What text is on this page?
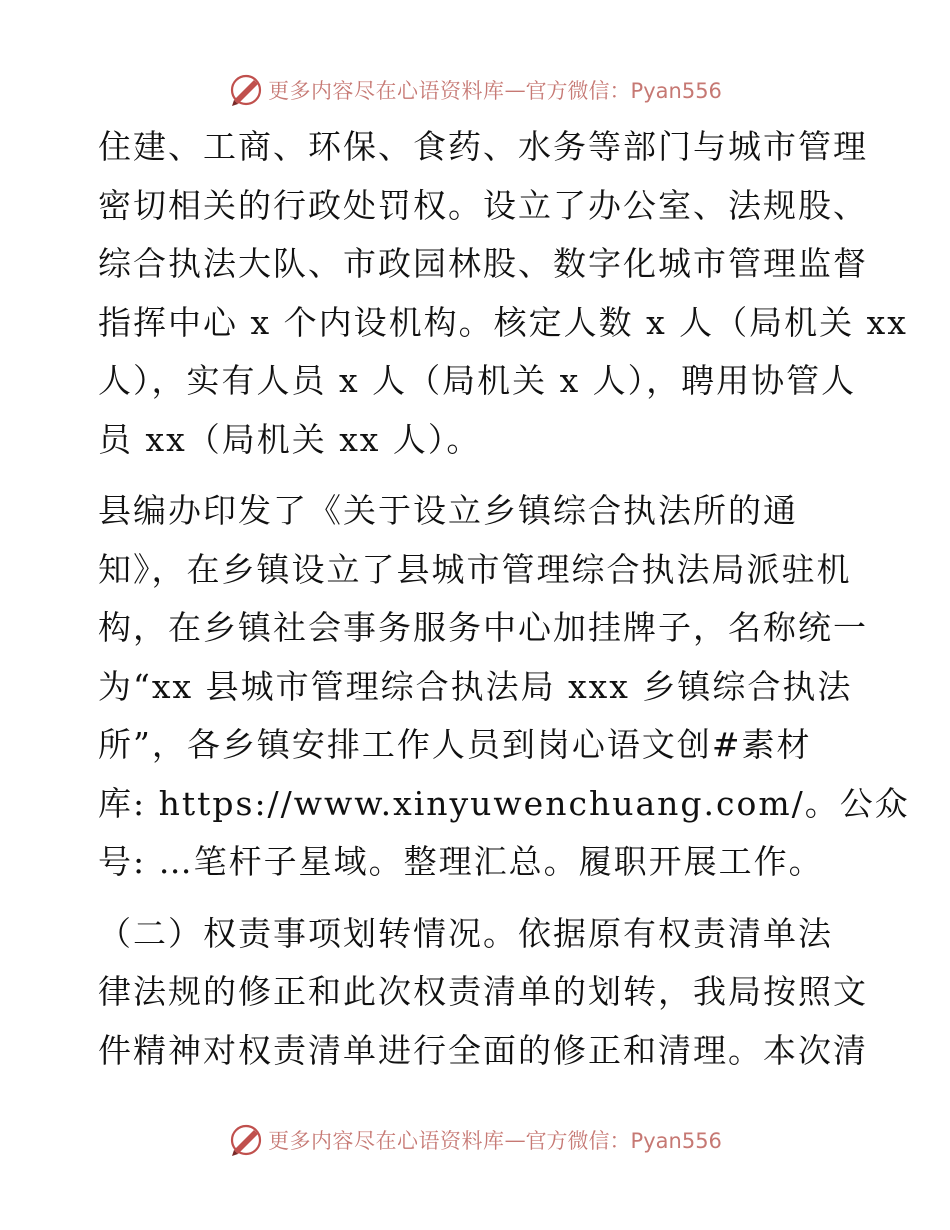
更多内容尽在心语资料库 — 官方微信：Pyan556
住建、工商、环保、食药、水务等部门与城市管理
密切相关的行政处罚权。设立了办公室、法规股、
综合执法大队、市政园林股、数字化城市管理监督
指挥中心 x 个内设机构。核定人数 x 人（局机关 xx
人），实有人员 x 人（局机关 x 人），聘用协管人
员 xx（局机关 xx 人）。
县编办印发了《关于设立乡镇综合执法所的通
知》，在乡镇设立了县城市管理综合执法局派驻机
构，在乡镇社会事务服务中心加挂牌子，名称统一
为“xx 县城市管理综合执法局 xxx 乡镇综合执法
所”，各乡镇安排工作人员到岗心语文创#素材
库: https://www.xinyuwenchuang.com/。公众
号: …笔杆子星域。整理汇总。履职开展工作。
（二）权责事项划转情况。依据原有权责清单法
律法规的修正和此次权责清单的划转，我局按照文
件精神对权责清单进行全面的修正和清理。本次清
更多内容尽在心语资料库 — 官方微信：Pyan556
